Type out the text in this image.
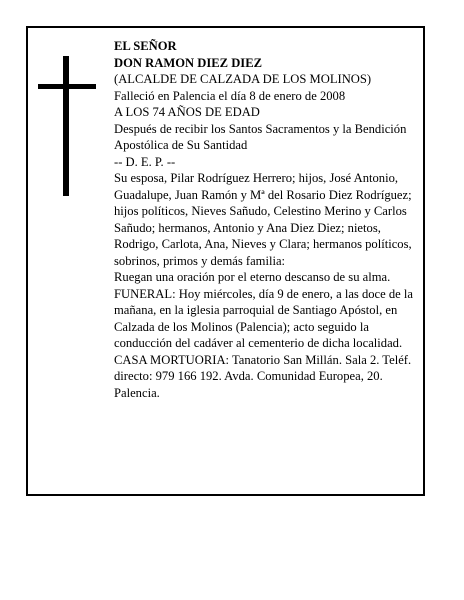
EL SEÑOR
DON RAMON DIEZ DIEZ
(ALCALDE DE CALZADA DE LOS MOLINOS)
Falleció en Palencia el día 8 de enero de 2008
A LOS 74 AÑOS DE EDAD
Después de recibir los Santos Sacramentos y la Bendición Apostólica de Su Santidad
-- D. E. P. --
Su esposa, Pilar Rodríguez Herrero; hijos, José Antonio, Guadalupe, Juan Ramón y Mª del Rosario Diez Rodríguez; hijos políticos, Nieves Sañudo, Celestino Merino y Carlos Sañudo; hermanos, Antonio y Ana Diez Diez; nietos, Rodrigo, Carlota, Ana, Nieves y Clara; hermanos políticos, sobrinos, primos y demás familia:
Ruegan una oración por el eterno descanso de su alma.
FUNERAL: Hoy miércoles, día 9 de enero, a las doce de la mañana, en la iglesia parroquial de Santiago Apóstol, en Calzada de los Molinos (Palencia); acto seguido la conducción del cadáver al cementerio de dicha localidad.
CASA MORTUORIA: Tanatorio San Millán. Sala 2. Teléf. directo: 979 166 192. Avda. Comunidad Europea, 20. Palencia.
